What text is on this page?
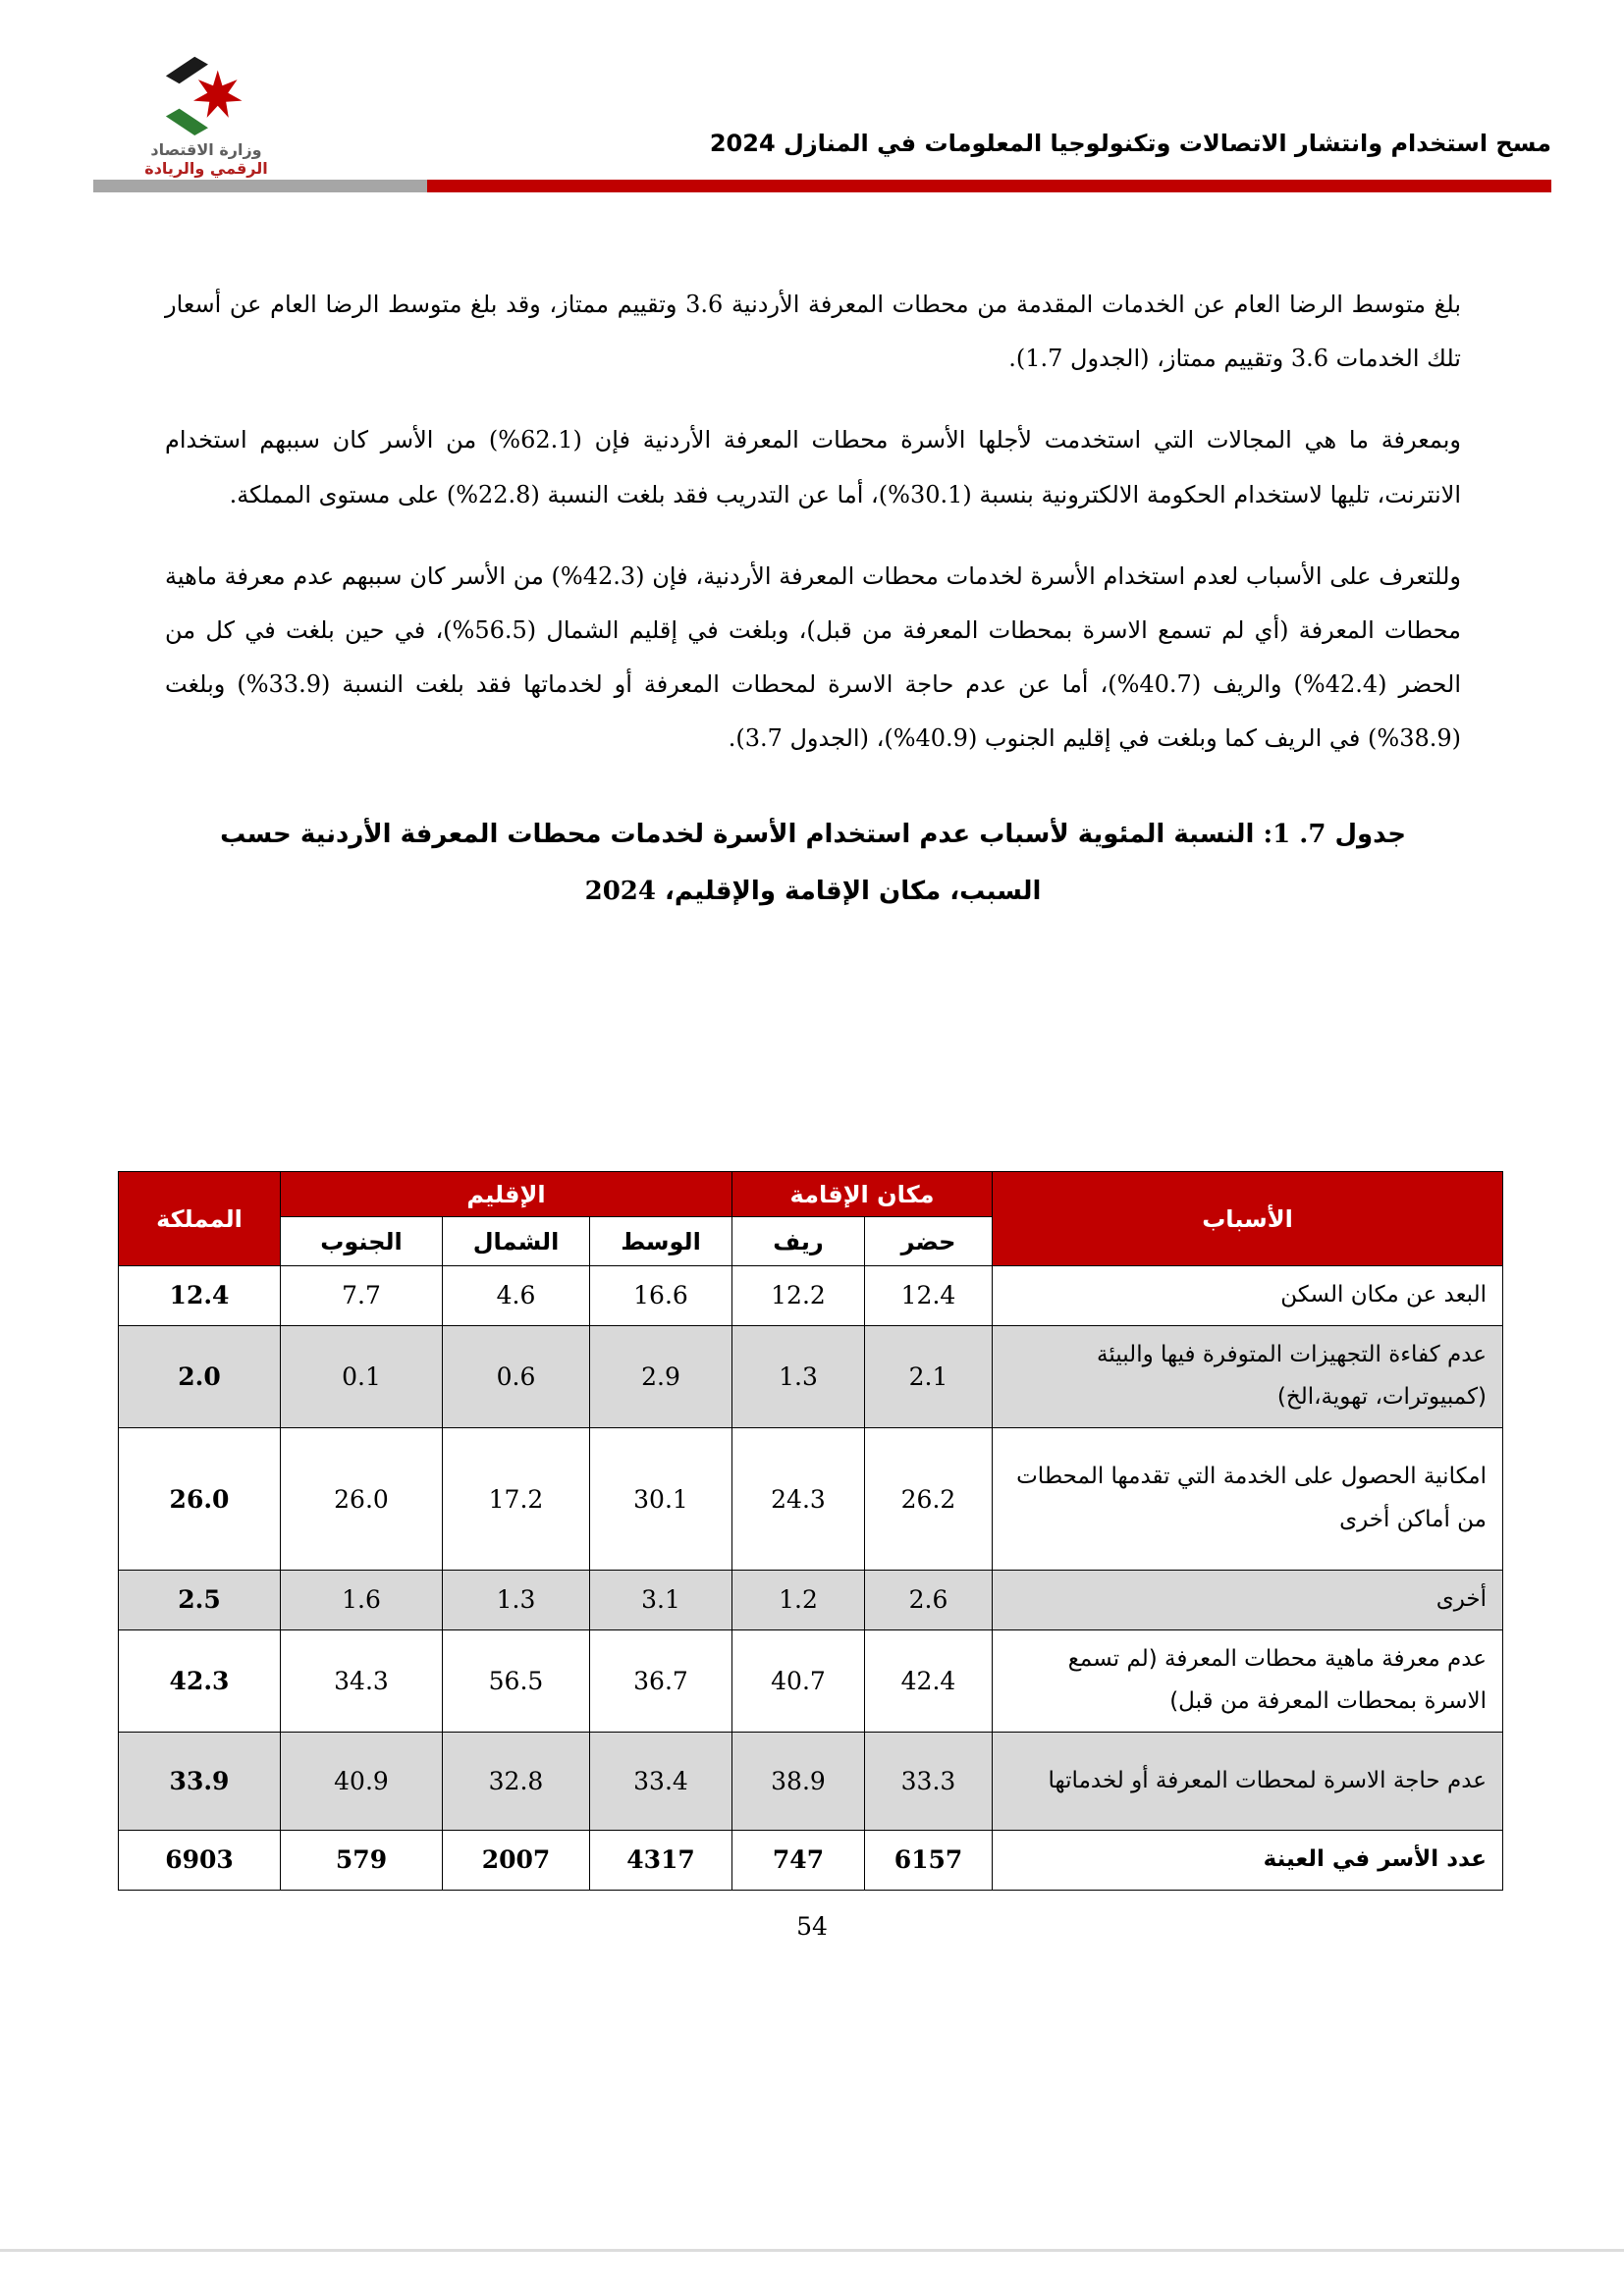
وزارة الاقتصاد
الرقمي والريادة
مسح استخدام وانتشار الاتصالات وتكنولوجيا المعلومات في المنازل 2024

بلغ متوسط الرضا العام عن الخدمات المقدمة من محطات المعرفة الأردنية 3.6 وتقييم ممتاز، وقد بلغ متوسط الرضا العام عن أسعار تلك الخدمات 3.6 وتقييم ممتاز، (الجدول 1.7).

وبمعرفة ما هي المجالات التي استخدمت لأجلها الأسرة محطات المعرفة الأردنية فإن (62.1%) من الأسر كان سببهم استخدام الانترنت، تليها لاستخدام الحكومة الالكترونية بنسبة (30.1%)، أما عن التدريب فقد بلغت النسبة (22.8%) على مستوى المملكة.

وللتعرف على الأسباب لعدم استخدام الأسرة لخدمات محطات المعرفة الأردنية، فإن (42.3%) من الأسر كان سببهم عدم معرفة ماهية محطات المعرفة (أي لم تسمع الاسرة بمحطات المعرفة من قبل)، وبلغت في إقليم الشمال (56.5%)، في حين بلغت في كل من الحضر (42.4%) والريف (40.7%)، أما عن عدم حاجة الاسرة لمحطات المعرفة أو لخدماتها فقد بلغت النسبة (33.9%) وبلغت (38.9%) في الريف كما وبلغت في إقليم الجنوب (40.9%)، (الجدول 3.7).

جدول 7. 1: النسبة المئوية لأسباب عدم استخدام الأسرة لخدمات محطات المعرفة الأردنية حسب
السبب، مكان الإقامة والإقليم، 2024
الأسباب	مكان الإقامة		الإقليم			المملكة
	حضر	ريف	الوسط	الشمال	الجنوب	
البعد عن مكان السكن	12.4	12.2	16.6	4.6	7.7	12.4
عدم كفاءة التجهيزات المتوفرة فيها والبيئة (كمبيوترات، تهوية،الخ)	2.1	1.3	2.9	0.6	0.1	2.0
امكانية الحصول على الخدمة التي تقدمها المحطات من أماكن أخرى	26.2	24.3	30.1	17.2	26.0	26.0
أخرى	2.6	1.2	3.1	1.3	1.6	2.5
عدم معرفة ماهية محطات المعرفة (لم تسمع الاسرة بمحطات المعرفة من قبل)	42.4	40.7	36.7	56.5	34.3	42.3
عدم حاجة الاسرة لمحطات المعرفة أو لخدماتها	33.3	38.9	33.4	32.8	40.9	33.9
عدد الأسر في العينة	6157	747	4317	2007	579	6903
54
